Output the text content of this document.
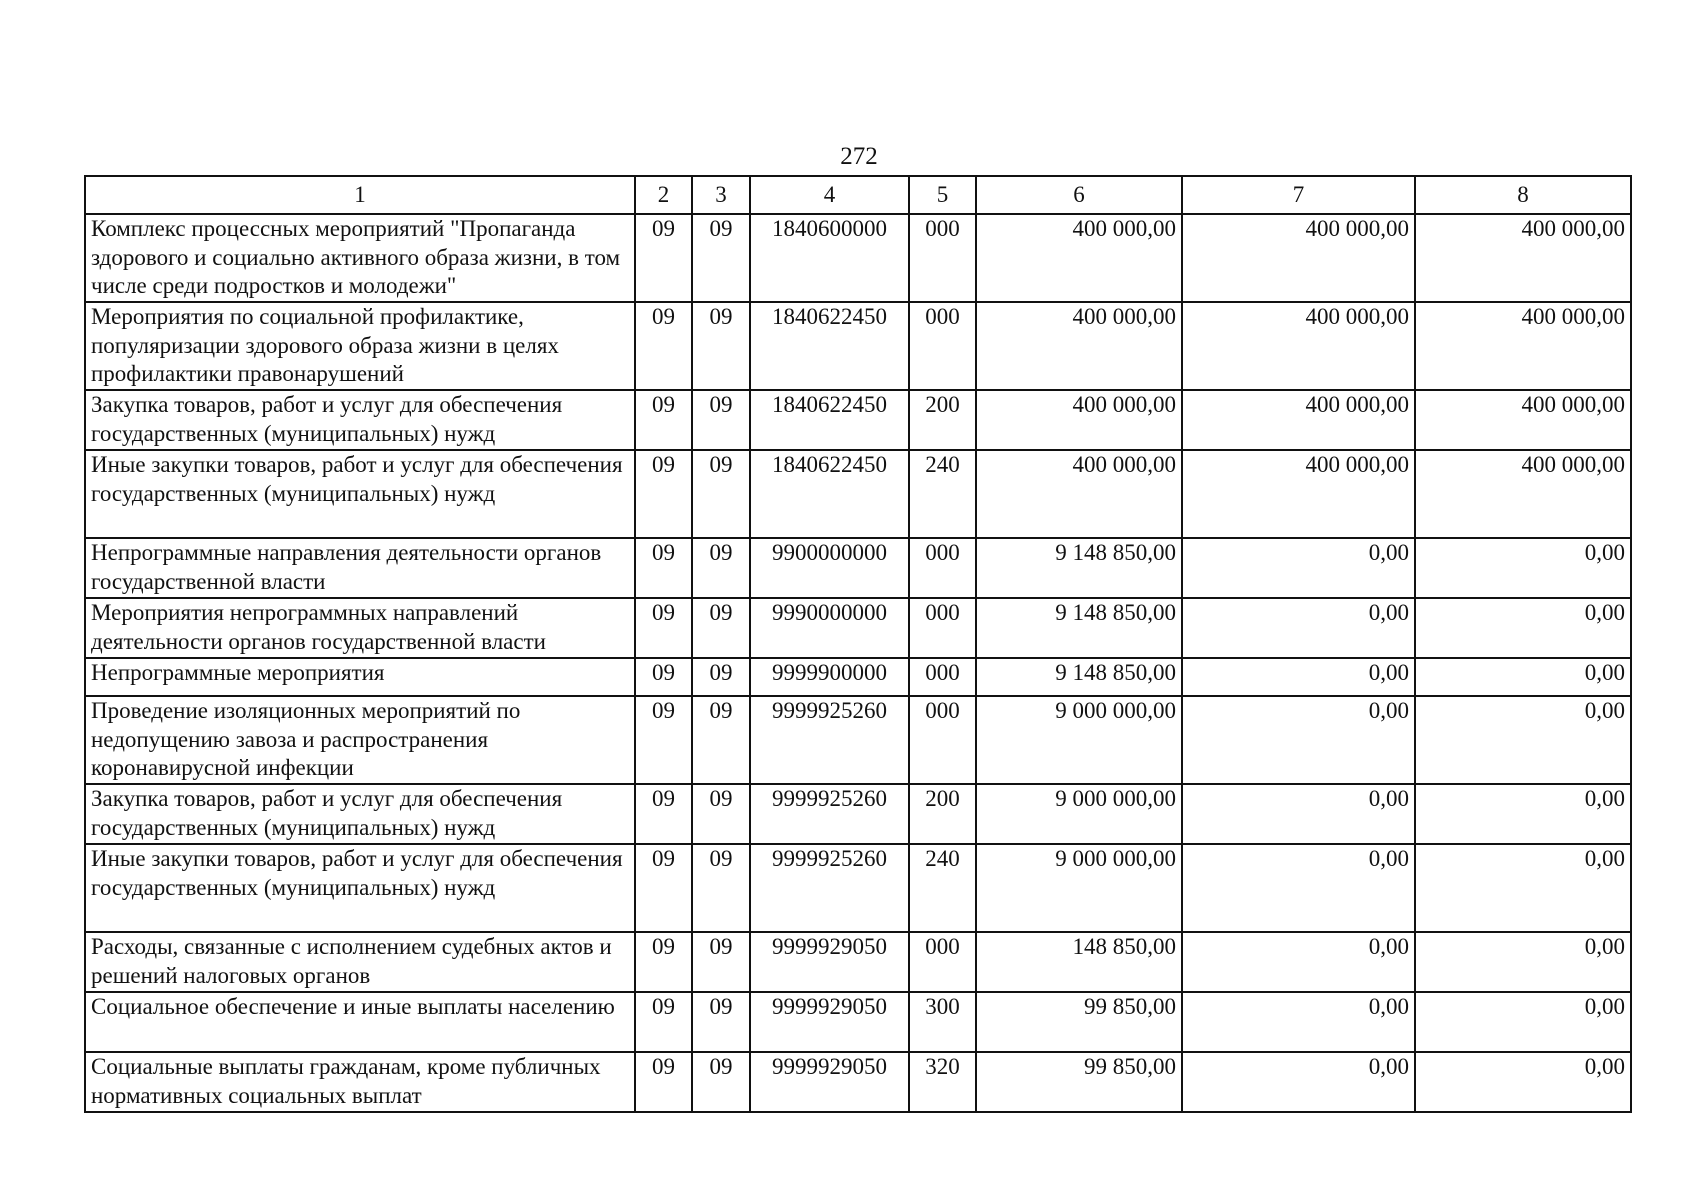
272
1	2	3	4	5	6	7	8
Комплекс процессных мероприятий "Пропаганда здорового и социально активного образа жизни, в том числе среди подростков и молодежи"	09	09	1840600000	000	400 000,00	400 000,00	400 000,00
Мероприятия по социальной профилактике, популяризации здорового образа жизни в целях профилактики правонарушений	09	09	1840622450	000	400 000,00	400 000,00	400 000,00
Закупка товаров, работ и услуг для обеспечения государственных (муниципальных) нужд	09	09	1840622450	200	400 000,00	400 000,00	400 000,00
Иные закупки товаров, работ и услуг для обеспечения государственных (муниципальных) нужд	09	09	1840622450	240	400 000,00	400 000,00	400 000,00
Непрограммные направления деятельности органов государственной власти	09	09	9900000000	000	9 148 850,00	0,00	0,00
Мероприятия непрограммных направлений деятельности органов государственной власти	09	09	9990000000	000	9 148 850,00	0,00	0,00
Непрограммные мероприятия	09	09	9999900000	000	9 148 850,00	0,00	0,00
Проведение изоляционных мероприятий по недопущению завоза и распространения коронавирусной инфекции	09	09	9999925260	000	9 000 000,00	0,00	0,00
Закупка товаров, работ и услуг для обеспечения государственных (муниципальных) нужд	09	09	9999925260	200	9 000 000,00	0,00	0,00
Иные закупки товаров, работ и услуг для обеспечения государственных (муниципальных) нужд	09	09	9999925260	240	9 000 000,00	0,00	0,00
Расходы, связанные с исполнением судебных актов и решений налоговых органов	09	09	9999929050	000	148 850,00	0,00	0,00
Социальное обеспечение и иные выплаты населению	09	09	9999929050	300	99 850,00	0,00	0,00
Социальные выплаты гражданам, кроме публичных нормативных социальных выплат	09	09	9999929050	320	99 850,00	0,00	0,00
